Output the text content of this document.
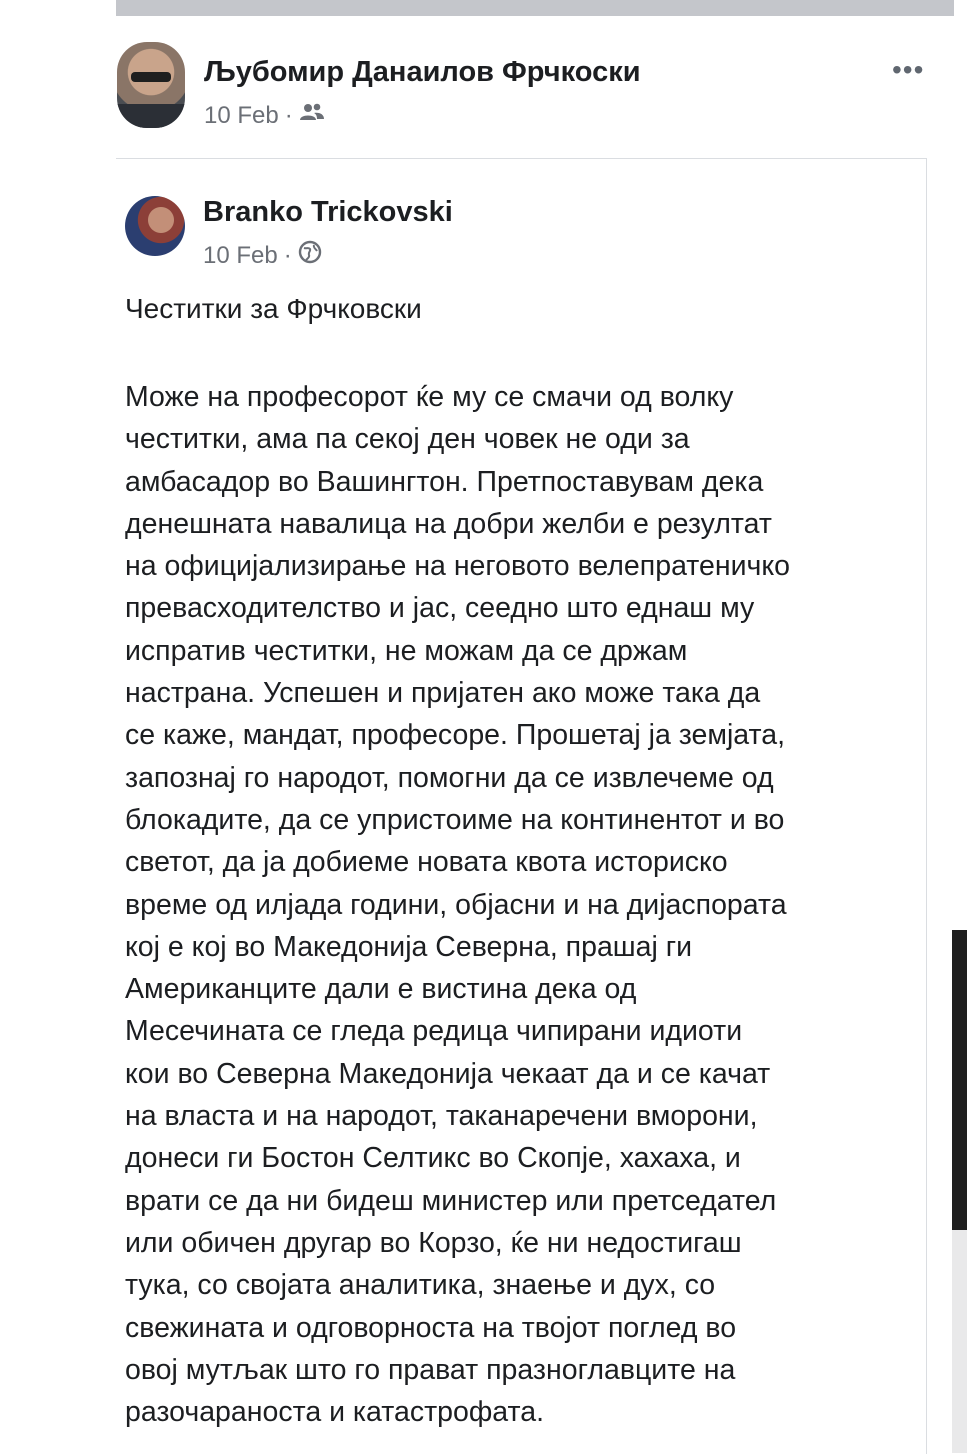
Љубомир Данаилов Фрчкоски
10 Feb ·
•••
Branko Trickovski
10 Feb ·
Честитки за Фрчковски
Може на професорот ќе му се смачи од волку
честитки, ама па секој ден човек не оди за
амбасадор во Вашингтон. Претпоставувам дека
денешната навалица на добри желби е резултат
на официјализирање на неговото велепратеничко
превасходителство и јас, сеедно што еднаш му
испратив честитки, не можам да се држам
настрана. Успешен и пријатен ако може така да
се каже, мандат, професоре. Прошетај ја земјата,
запознај го народот, помогни да се извлечеме од
блокадите, да се упристоиме на континентот и во
светот, да ја добиеме новата квота историско
време од илјада години, објасни и на дијаспората
кој е кој во Македонија Северна, прашај ги
Американците дали е вистина дека од
Месечината се гледа редица чипирани идиоти
кои во Северна Македонија чекаат да и се качат
на власта и на народот, таканаречени вморони,
донеси ги Бостон Селтикс во Скопје, хахаха, и
врати се да ни бидеш министер или претседател
или обичен другар во Корзо, ќе ни недостигаш
тука, со својата аналитика, знаење и дух, со
свежината и одговорноста на твојот поглед во
овој мутљак што го прават празноглавците на
разочараноста и катастрофата.
